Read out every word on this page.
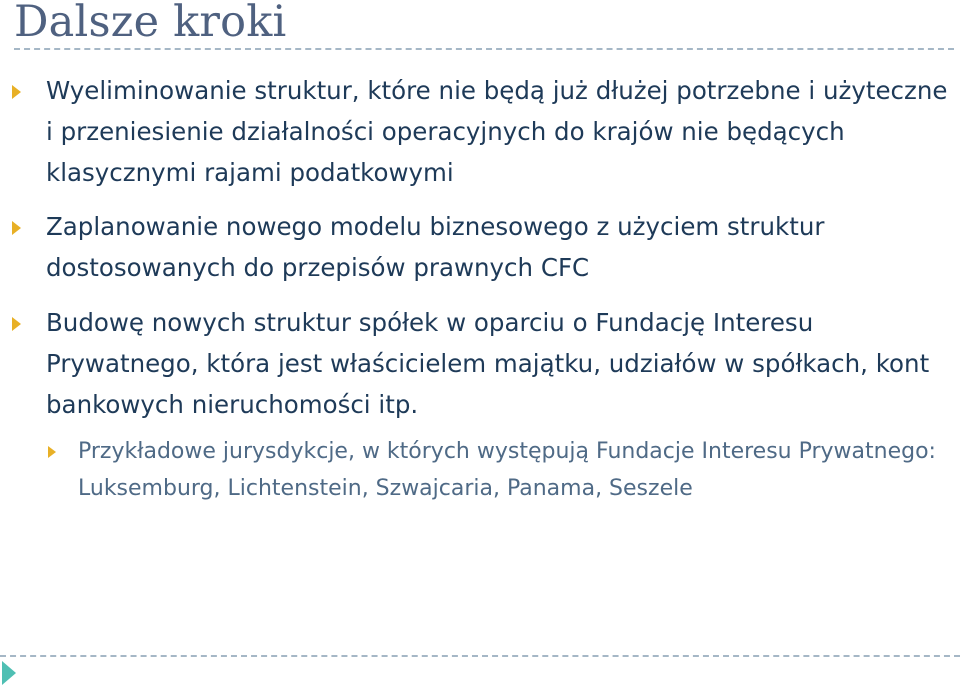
Dalsze kroki
Wyeliminowanie struktur, które nie będą już dłużej potrzebne i użyteczne i przeniesienie działalności operacyjnych do krajów nie będących klasycznymi rajami podatkowymi
Zaplanowanie nowego modelu biznesowego z użyciem struktur dostosowanych do przepisów prawnych CFC
Budowę nowych struktur spółek w oparciu o Fundację Interesu Prywatnego, która jest właścicielem majątku, udziałów w spółkach, kont bankowych nieruchomości itp.
Przykładowe jurysdykcje, w których występują Fundacje Interesu Prywatnego: Luksemburg, Lichtenstein, Szwajcaria, Panama, Seszele
